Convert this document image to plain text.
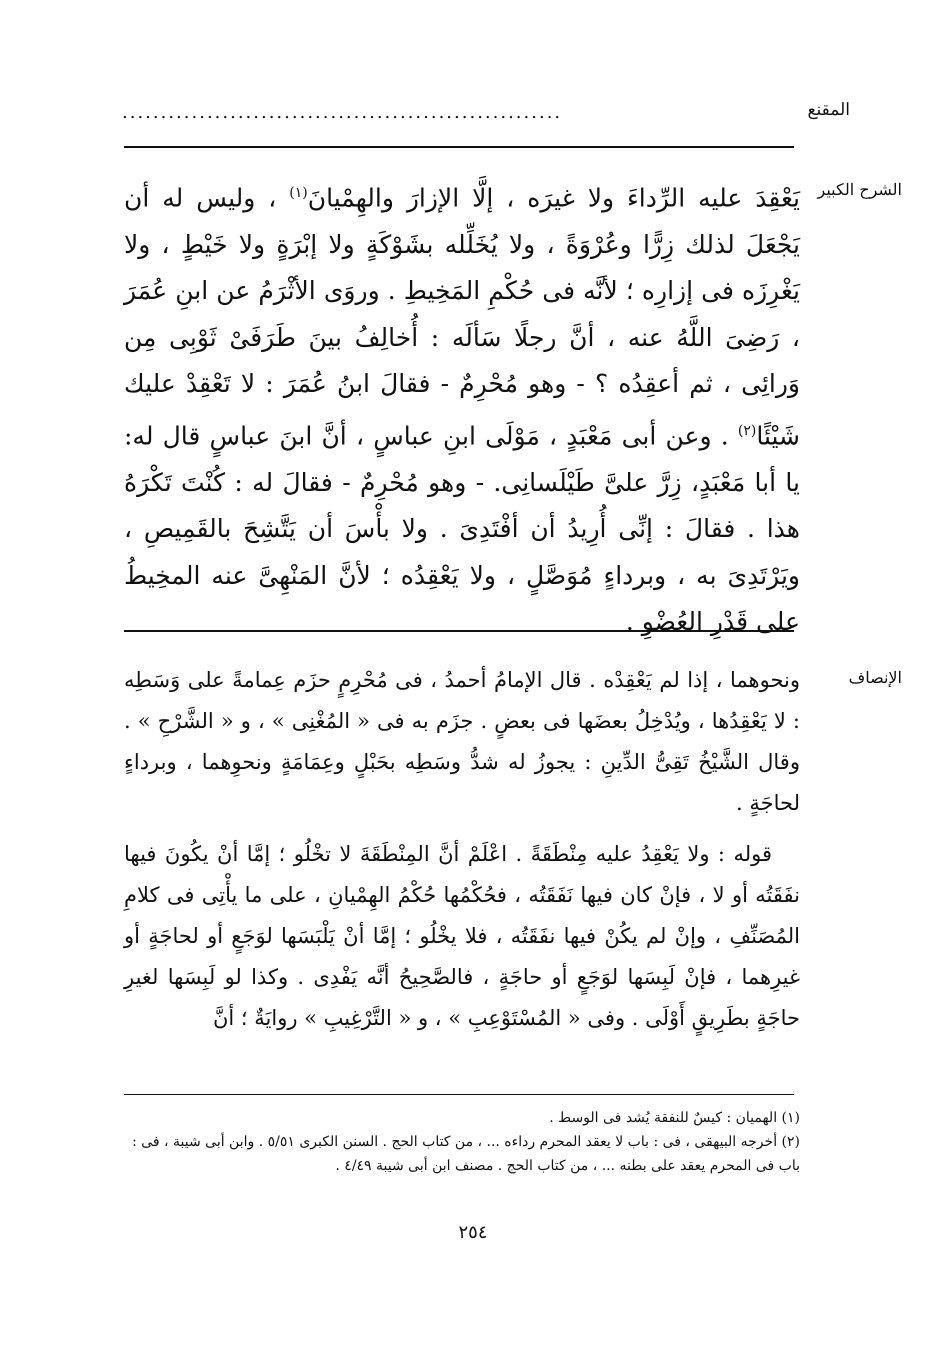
المقنع
.........................................................
الشرح الكبير

يَعْقِدَ عليه الرِّداءَ ولا غيرَه ، إلَّا الإزارَ والهِمْيانَ$^{(١)}$ ، وليس له أن يَجْعَلَ لذلك زِرًّا وعُرْوَةً ، ولا يُخَلِّله بشَوْكَةٍ ولا إبْرَةٍ ولا خَيْطٍ ، ولا يَغْرِزَه فى إزارِه ؛ لأنَّه فى حُكْمِ المَخِيطِ . وروَى الأثْرَمُ عن ابنِ عُمَرَ ، رَضِىَ اللَّهُ عنه ، أنَّ رجلًا سَألَه : أُخالِفُ بينَ طَرَفَىْ ثَوْبِى مِن وَرائِى ، ثم أعقِدُه ؟ - وهو مُحْرِمٌ - فقالَ ابنُ عُمَرَ : لا تَعْقِدْ عليك شَيْئًا$^{(٢)}$ . وعن أبى مَعْبَدٍ ، مَوْلَى ابنِ عباسٍ ، أنَّ ابنَ عباسٍ قال له: يا أبا مَعْبَدٍ، زِرَّ علىَّ طَيْلَسانِى. - وهو مُحْرِمٌ - فقالَ له : كُنْتَ تَكْرَهُ هذا . فقالَ : إنِّى أُرِيدُ أن أفْتَدِىَ . ولا بأْسَ أن يَتَّشِحَ بالقَمِيصِ ، ويَرْتَدِىَ به ، وبرداءٍ مُوَصَّلٍ ، ولا يَعْقِدُه ؛ لأنَّ المَنْهِىَّ عنه المخِيطُ على قَدْرِ العُضْوِ .

الإنصاف

ونحوهما ، إذا لم يَعْقِدْه . قال الإمامُ أحمدُ ، فى مُحْرِمٍ حزَم عِمامةً على وَسَطِه : لا يَعْقِدُها ، ويُدْخِلُ بعضَها فى بعضٍ . جزَم به فى « المُغْنِى » ، و « الشَّرْحِ » . وقال الشَّيْخُ تَقِىُّ الدِّينِ : يجوزُ له شدُّ وسَطِه بحَبْلٍ وعِمَامَةٍ ونحوِهما ، وبرداءٍ لحاجَةٍ .

قوله : ولا يَعْقِدُ عليه مِنْطَقَةً . اعْلَمْ أنَّ المِنْطَقَةَ لا تخْلُو ؛ إمَّا أنْ يكُونَ فيها نفَقَتُه أو لا ، فإنْ كان فيها نَفَقَتُه ، فحُكْمُها حُكْمُ الهِمْيانِ ، على ما يأْتِى فى كلامِ المُصَنِّفِ ، وإنْ لم يكُنْ فيها نفَقَتُه ، فلا يخْلُو ؛ إمَّا أنْ يَلْبَسَها لوَجَعٍ أو لحاجَةٍ أو غيرِهما ، فإنْ لَبِسَها لوَجَعٍ أو حاجَةٍ ، فالصَّحِيحُ أنَّه يَفْدِى . وكذا لو لَبِسَها لغيرِ حاجَةٍ بطَرِيقٍ أَوْلَى . وفى « المُسْتَوْعِبِ » ، و « التَّرْغِيبِ » روايَةٌ ؛ أنَّ

(١) الهميان : كيسٌ للنفقة يُشد فى الوسط .

(٢) أخرجه البيهقى ، فى : باب لا يعقد المحرم رداءه ... ، من كتاب الحج . السنن الكبرى ٥/٥١ . وابن أبى شيبة ، فى : باب فى المحرم يعقد على بطنه ... ، من كتاب الحج . مصنف ابن أبى شيبة ٤/٤٩ .

٢٥٤
